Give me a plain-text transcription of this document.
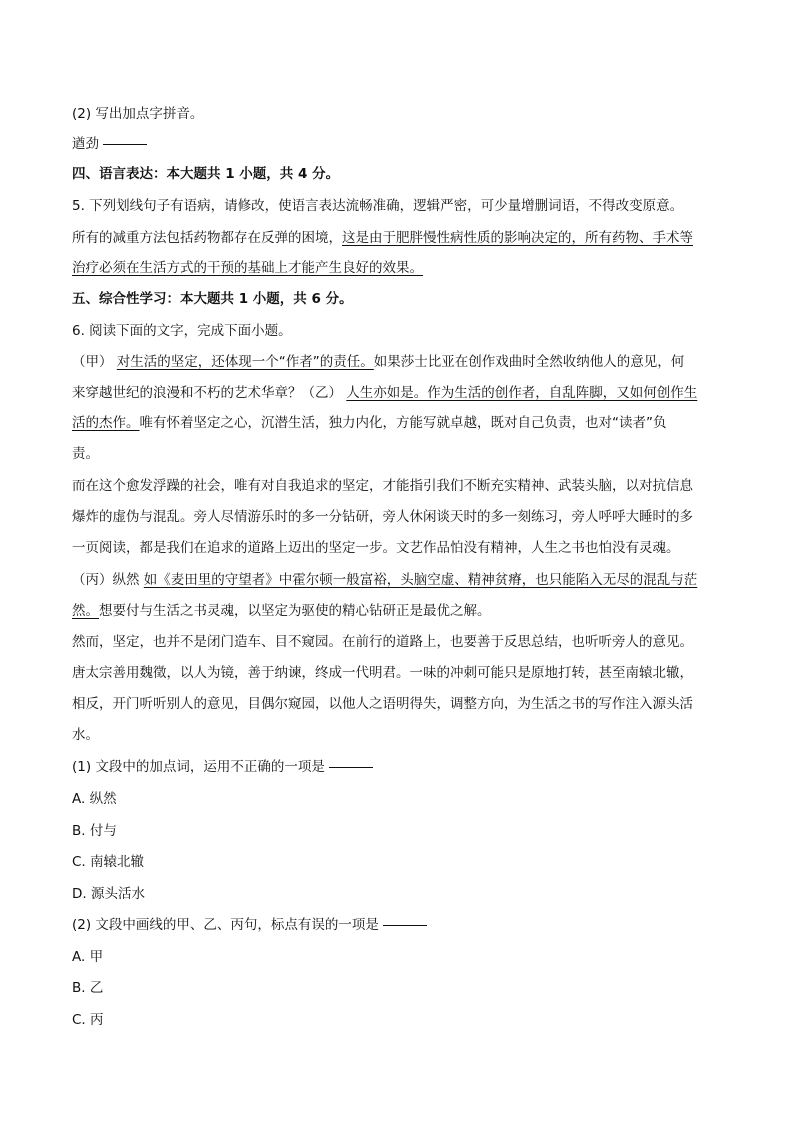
(2) 写出加点字拼音。
遒劲
四、语言表达：本大题共 1 小题，共 4 分。
5. 下列划线句子有语病，请修改，使语言表达流畅准确，逻辑严密，可少量增删词语，不得改变原意。
所有的减重方法包括药物都存在反弹的困境，这是由于肥胖慢性病性质的影响决定的，所有药物、手术等
治疗必须在生活方式的干预的基础上才能产生良好的效果。
五、综合性学习：本大题共 1 小题，共 6 分。
6. 阅读下面的文字，完成下面小题。
（甲） 对生活的坚定，还体现一个“作者”的责任。如果莎士比亚在创作戏曲时全然收纳他人的意见，何
来穿越世纪的浪漫和不朽的艺术华章？（乙） 人生亦如是。作为生活的创作者，自乱阵脚，又如何创作生
活的杰作。唯有怀着坚定之心，沉潜生活，独力内化，方能写就卓越，既对自己负责，也对“读者”负
责。
而在这个愈发浮躁的社会，唯有对自我追求的坚定，才能指引我们不断充实精神、武装头脑，以对抗信息
爆炸的虚伪与混乱。旁人尽情游乐时的多一分钻研，旁人休闲谈天时的多一刻练习，旁人呼呼大睡时的多
一页阅读，都是我们在追求的道路上迈出的坚定一步。文艺作品怕没有精神，人生之书也怕没有灵魂。
（丙）纵然 如《麦田里的守望者》中霍尔顿一般富裕，头脑空虚、精神贫瘠，也只能陷入无尽的混乱与茫
然。想要付与生活之书灵魂，以坚定为驱使的精心钻研正是最优之解。
然而，坚定，也并不是闭门造车、目不窥园。在前行的道路上，也要善于反思总结，也听听旁人的意见。
唐太宗善用魏徵，以人为镜，善于纳谏，终成一代明君。一味的冲刺可能只是原地打转，甚至南辕北辙，
相反，开门听听别人的意见，目偶尔窥园，以他人之语明得失，调整方向，为生活之书的写作注入源头活
水。
(1) 文段中的加点词，运用不正确的一项是
A. 纵然
B. 付与
C. 南辕北辙
D. 源头活水
(2) 文段中画线的甲、乙、丙句，标点有误的一项是
A. 甲
B. 乙
C. 丙
